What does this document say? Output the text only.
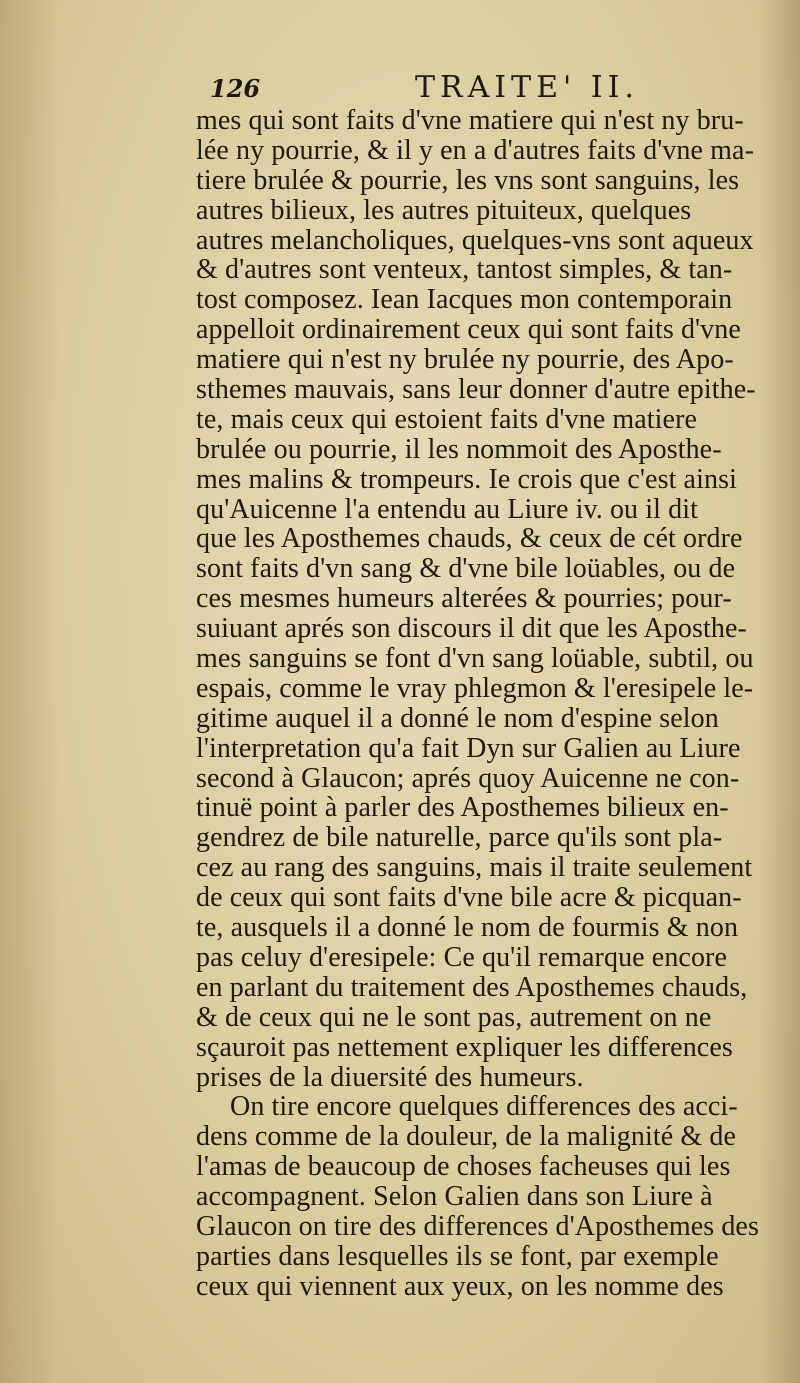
126	TRAITE' II.
mes qui sont faits d'vne matiere qui n'est ny bru-
lée ny pourrie, & il y en a d'autres faits d'vne ma-
tiere brulée & pourrie, les vns sont sanguins, les
autres bilieux, les autres pituiteux, quelques
autres melancholiques, quelques-vns sont aqueux
& d'autres sont venteux, tantost simples, & tan-
tost composez. Iean Iacques mon contemporain
appelloit ordinairement ceux qui sont faits d'vne
matiere qui n'est ny brulée ny pourrie, des Apo-
sthemes mauvais, sans leur donner d'autre epithe-
te, mais ceux qui estoient faits d'vne matiere
brulée ou pourrie, il les nommoit des Aposthe-
mes malins & trompeurs. Ie crois que c'est ainsi
qu'Auicenne l'a entendu au Liure iv. ou il dit
que les Aposthemes chauds, & ceux de cét ordre
sont faits d'vn sang & d'vne bile loüables, ou de
ces mesmes humeurs alterées & pourries; pour-
suiuant aprés son discours il dit que les Aposthe-
mes sanguins se font d'vn sang loüable, subtil, ou
espais, comme le vray phlegmon & l'eresipele le-
gitime auquel il a donné le nom d'espine selon
l'interpretation qu'a fait Dyn sur Galien au Liure
second à Glaucon; aprés quoy Auicenne ne con-
tinuë point à parler des Aposthemes bilieux en-
gendrez de bile naturelle, parce qu'ils sont pla-
cez au rang des sanguins, mais il traite seulement
de ceux qui sont faits d'vne bile acre & picquan-
te, ausquels il a donné le nom de fourmis & non
pas celuy d'eresipele: Ce qu'il remarque encore
en parlant du traitement des Aposthemes chauds,
& de ceux qui ne le sont pas, autrement on ne
sçauroit pas nettement expliquer les differences
prises de la diuersité des humeurs.
On tire encore quelques differences des acci-
dens comme de la douleur, de la malignité & de
l'amas de beaucoup de choses facheuses qui les
accompagnent. Selon Galien dans son Liure à
Glaucon on tire des differences d'Aposthemes des
parties dans lesquelles ils se font, par exemple
ceux qui viennent aux yeux, on les nomme des
